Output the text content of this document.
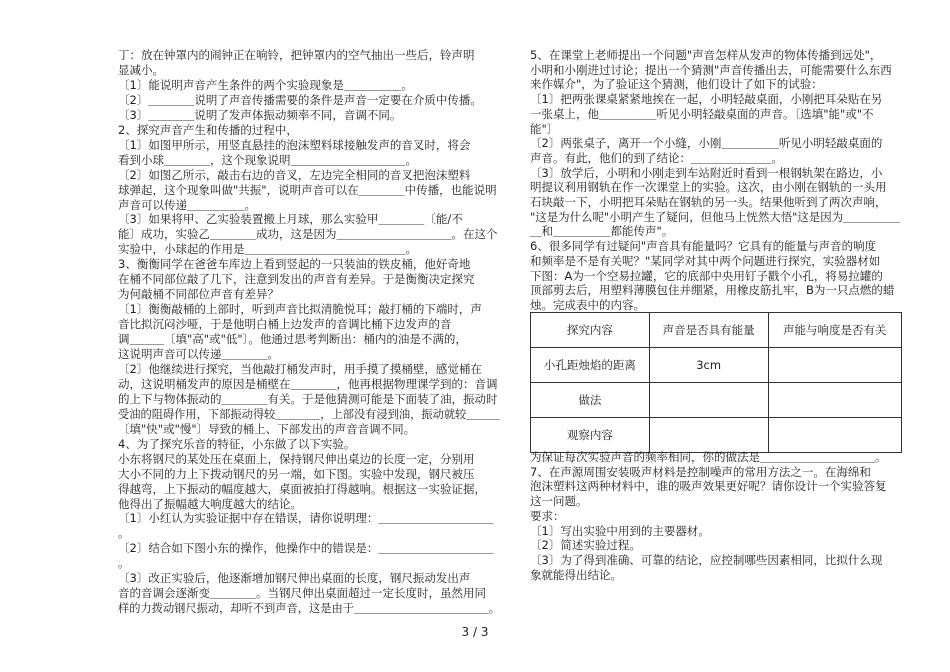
丁：放在钟罩内的闹钟正在响铃，把钟罩内的空气抽出一些后，铃声明
显减小。
〔1〕能说明声音产生条件的两个实验现象是＿＿＿＿＿。
〔2〕＿＿＿＿说明了声音传播需要的条件是声音一定要在介质中传播。
〔3〕＿＿＿＿说明了发声体振动频率不同，音调不同。
2、探究声音产生和传播的过程中，
〔1〕如图甲所示，用竖直悬挂的泡沫塑料球接触发声的音叉时，将会
看到小球＿＿＿＿，这个现象说明＿＿＿＿＿＿＿＿＿＿。
〔2〕如图乙所示，敲击右边的音叉，左边完全相同的音叉把泡沫塑料
球弹起，这个现象叫做"共振"，说明声音可以在＿＿＿＿中传播，也能说明
声音可以传递＿＿＿＿＿。
〔3〕如果将甲、乙实验装置搬上月球，那么实验甲＿＿＿＿〔能/不
能〕成功，实验乙＿＿＿＿成功，这是因为＿＿＿＿＿＿＿＿＿＿。在这个
实验中，小球起的作用是＿＿＿＿＿＿＿＿＿＿＿＿＿＿。
3、衡衡同学在爸爸车库边上看到竖起的一只装油的铁皮桶，他好奇地
在桶不同部位敲了几下，注意到发出的声音有差异。于是衡衡决定探究
为何敲桶不同部位声音有差异？
〔1〕衡衡敲桶的上部时，听到声音比拟清脆悦耳；敲打桶的下端时，声
音比拟沉闷沙哑，于是他明白桶上边发声的音调比桶下边发声的音
调＿＿＿〔填"高"或"低"〕。他通过思考判断出：桶内的油是不满的，
这说明声音可以传递＿＿＿＿。
〔2〕他继续进行探究，当他敲打桶发声时，用手摸了摸桶壁，感觉桶在
动，这说明桶发声的原因是桶壁在＿＿＿＿，他再根据物理课学到的：音调
的上下与物体振动的＿＿＿＿有关。于是他猜测可能是下面装了油，振动时
受油的阻碍作用，下部振动得较＿＿＿＿，上部没有浸到油，振动就较＿＿＿
〔填"快"或"慢"〕导致的桶上、下部发出的声音音调不同。
4、为了探究乐音的特征，小东做了以下实验。
小东将钢尺的某处压在桌面上，保持钢尺伸出桌边的长度一定，分别用
大小不同的力上下拨动钢尺的另一端，如下图。实验中发现，钢尺被压
得越弯，上下振动的幅度越大，桌面被拍打得越响。根据这一实验证据，
他得出了振幅越大响度越大的结论。
〔1〕小红认为实验证据中存在错误，请你说明理：＿＿＿＿＿＿＿＿＿＿
。
〔2〕结合如下图小东的操作，他操作中的错误是：＿＿＿＿＿＿＿＿＿＿
。
〔3〕改正实验后，他逐渐增加钢尺伸出桌面的长度，钢尺振动发出声
音的音调会逐渐变＿＿＿＿。当钢尺伸出桌面超过一定长度时，虽然用同
样的力拨动钢尺振动，却听不到声音，这是由于＿＿＿＿＿＿＿＿＿＿＿＿。
探究内容	声音是否具有能量	声能与响度是否有关
小孔距烛焰的距离	3cm	
做法		
观察内容		
5、在课堂上老师提出一个问题"声音怎样从发声的物体传播到远处"，
小明和小刚进过讨论；提出一个猜测"声音传播出去，可能需要什么东西
来作媒介"，为了验证这个猜测，他们设计了如下的试验：
〔1〕把两张课桌紧紧地挨在一起，小明轻敲桌面，小刚把耳朵贴在另
一张桌上，他＿＿＿＿＿听见小明轻敲桌面的声音。〔选填"能"或"不
能"〕
〔2〕两张桌子，离开一个小缝，小刚＿＿＿＿＿听见小明轻敲桌面的
声音。有此，他们的到了结论：＿＿＿＿＿＿＿。
〔3〕放学后，小明和小刚走到车站附近时看到一根钢轨架在路边，小
明提议利用钢轨在作一次课堂上的实验。这次，由小刚在钢轨的一头用
石块敲一下，小明把耳朵贴在钢轨的另一头。结果他听到了两次声响，
"这是为什么呢"小明产生了疑问，但他马上恍然大悟"这是因为＿＿＿＿＿
＿和＿＿＿＿＿都能传声"。
6、很多同学有过疑问"声音具有能量吗？它具有的能量与声音的响度
和频率是不是有关呢？"某同学对其中两个问题进行探究，实验器材如
下图：A为一个空易拉罐，它的底部中央用钉子戳个小孔，将易拉罐的
顶部剪去后，用塑料薄膜包住并绷紧，用橡皮筋扎牢，B为一只点燃的蜡
烛。完成表中的内容。
为保证每次实验声音的频率相同，你的做法是＿＿＿＿＿＿＿＿＿＿。
7、在声源周围安装吸声材料是控制噪声的常用方法之一。在海绵和
泡沫塑料这两种材料中，谁的吸声效果更好呢？请你设计一个实验答复
这一问题。
要求：
〔1〕写出实验中用到的主要器材。
〔2〕简述实验过程。
〔3〕为了得到准确、可靠的结论，应控制哪些因素相同，比拟什么现
象就能得出结论。
3 / 3
